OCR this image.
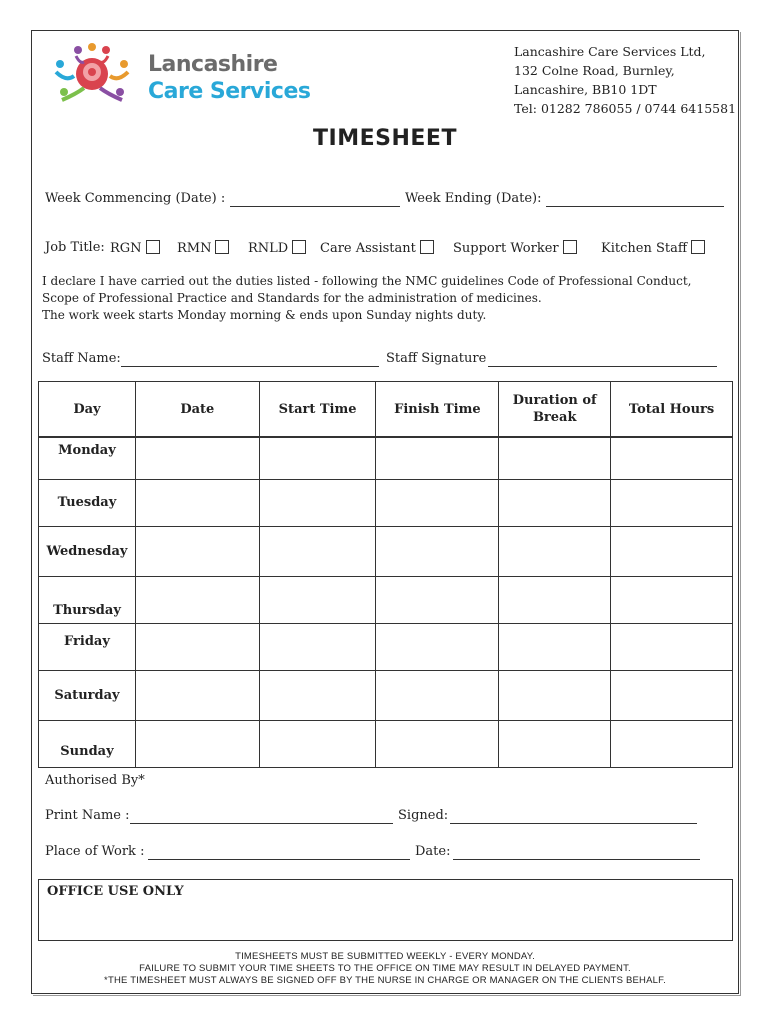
Lancashire
Care Services
Lancashire Care Services Ltd,
132 Colne Road, Burnley,
Lancashire, BB10 1DT
Tel: 01282 786055 / 0744 6415581
TIMESHEET
Week Commencing (Date) :	Week Ending (Date):
Job Title: RGN	RMN	RNLD	Care Assistant	Support Worker	Kitchen Staff
I declare I have carried out the duties listed - following the NMC guidelines Code of Professional Conduct,
Scope of Professional Practice and Standards for the administration of medicines.
The work week starts Monday morning & ends upon Sunday nights duty.
Staff Name:	Staff Signature
Day	Date	Start Time	Finish Time	Duration of Break	Total Hours
Monday					
Tuesday					
Wednesday					
Thursday					
Friday					
Saturday					
Sunday					
Authorised By*
Print Name :	Signed:
Place of Work :	Date:
OFFICE USE ONLY
TIMESHEETS MUST BE SUBMITTED WEEKLY - EVERY MONDAY.
FAILURE TO SUBMIT YOUR TIME SHEETS TO THE OFFICE ON TIME MAY RESULT IN DELAYED PAYMENT.
*THE TIMESHEET MUST ALWAYS BE SIGNED OFF BY THE NURSE IN CHARGE OR MANAGER ON THE CLIENTS BEHALF.
